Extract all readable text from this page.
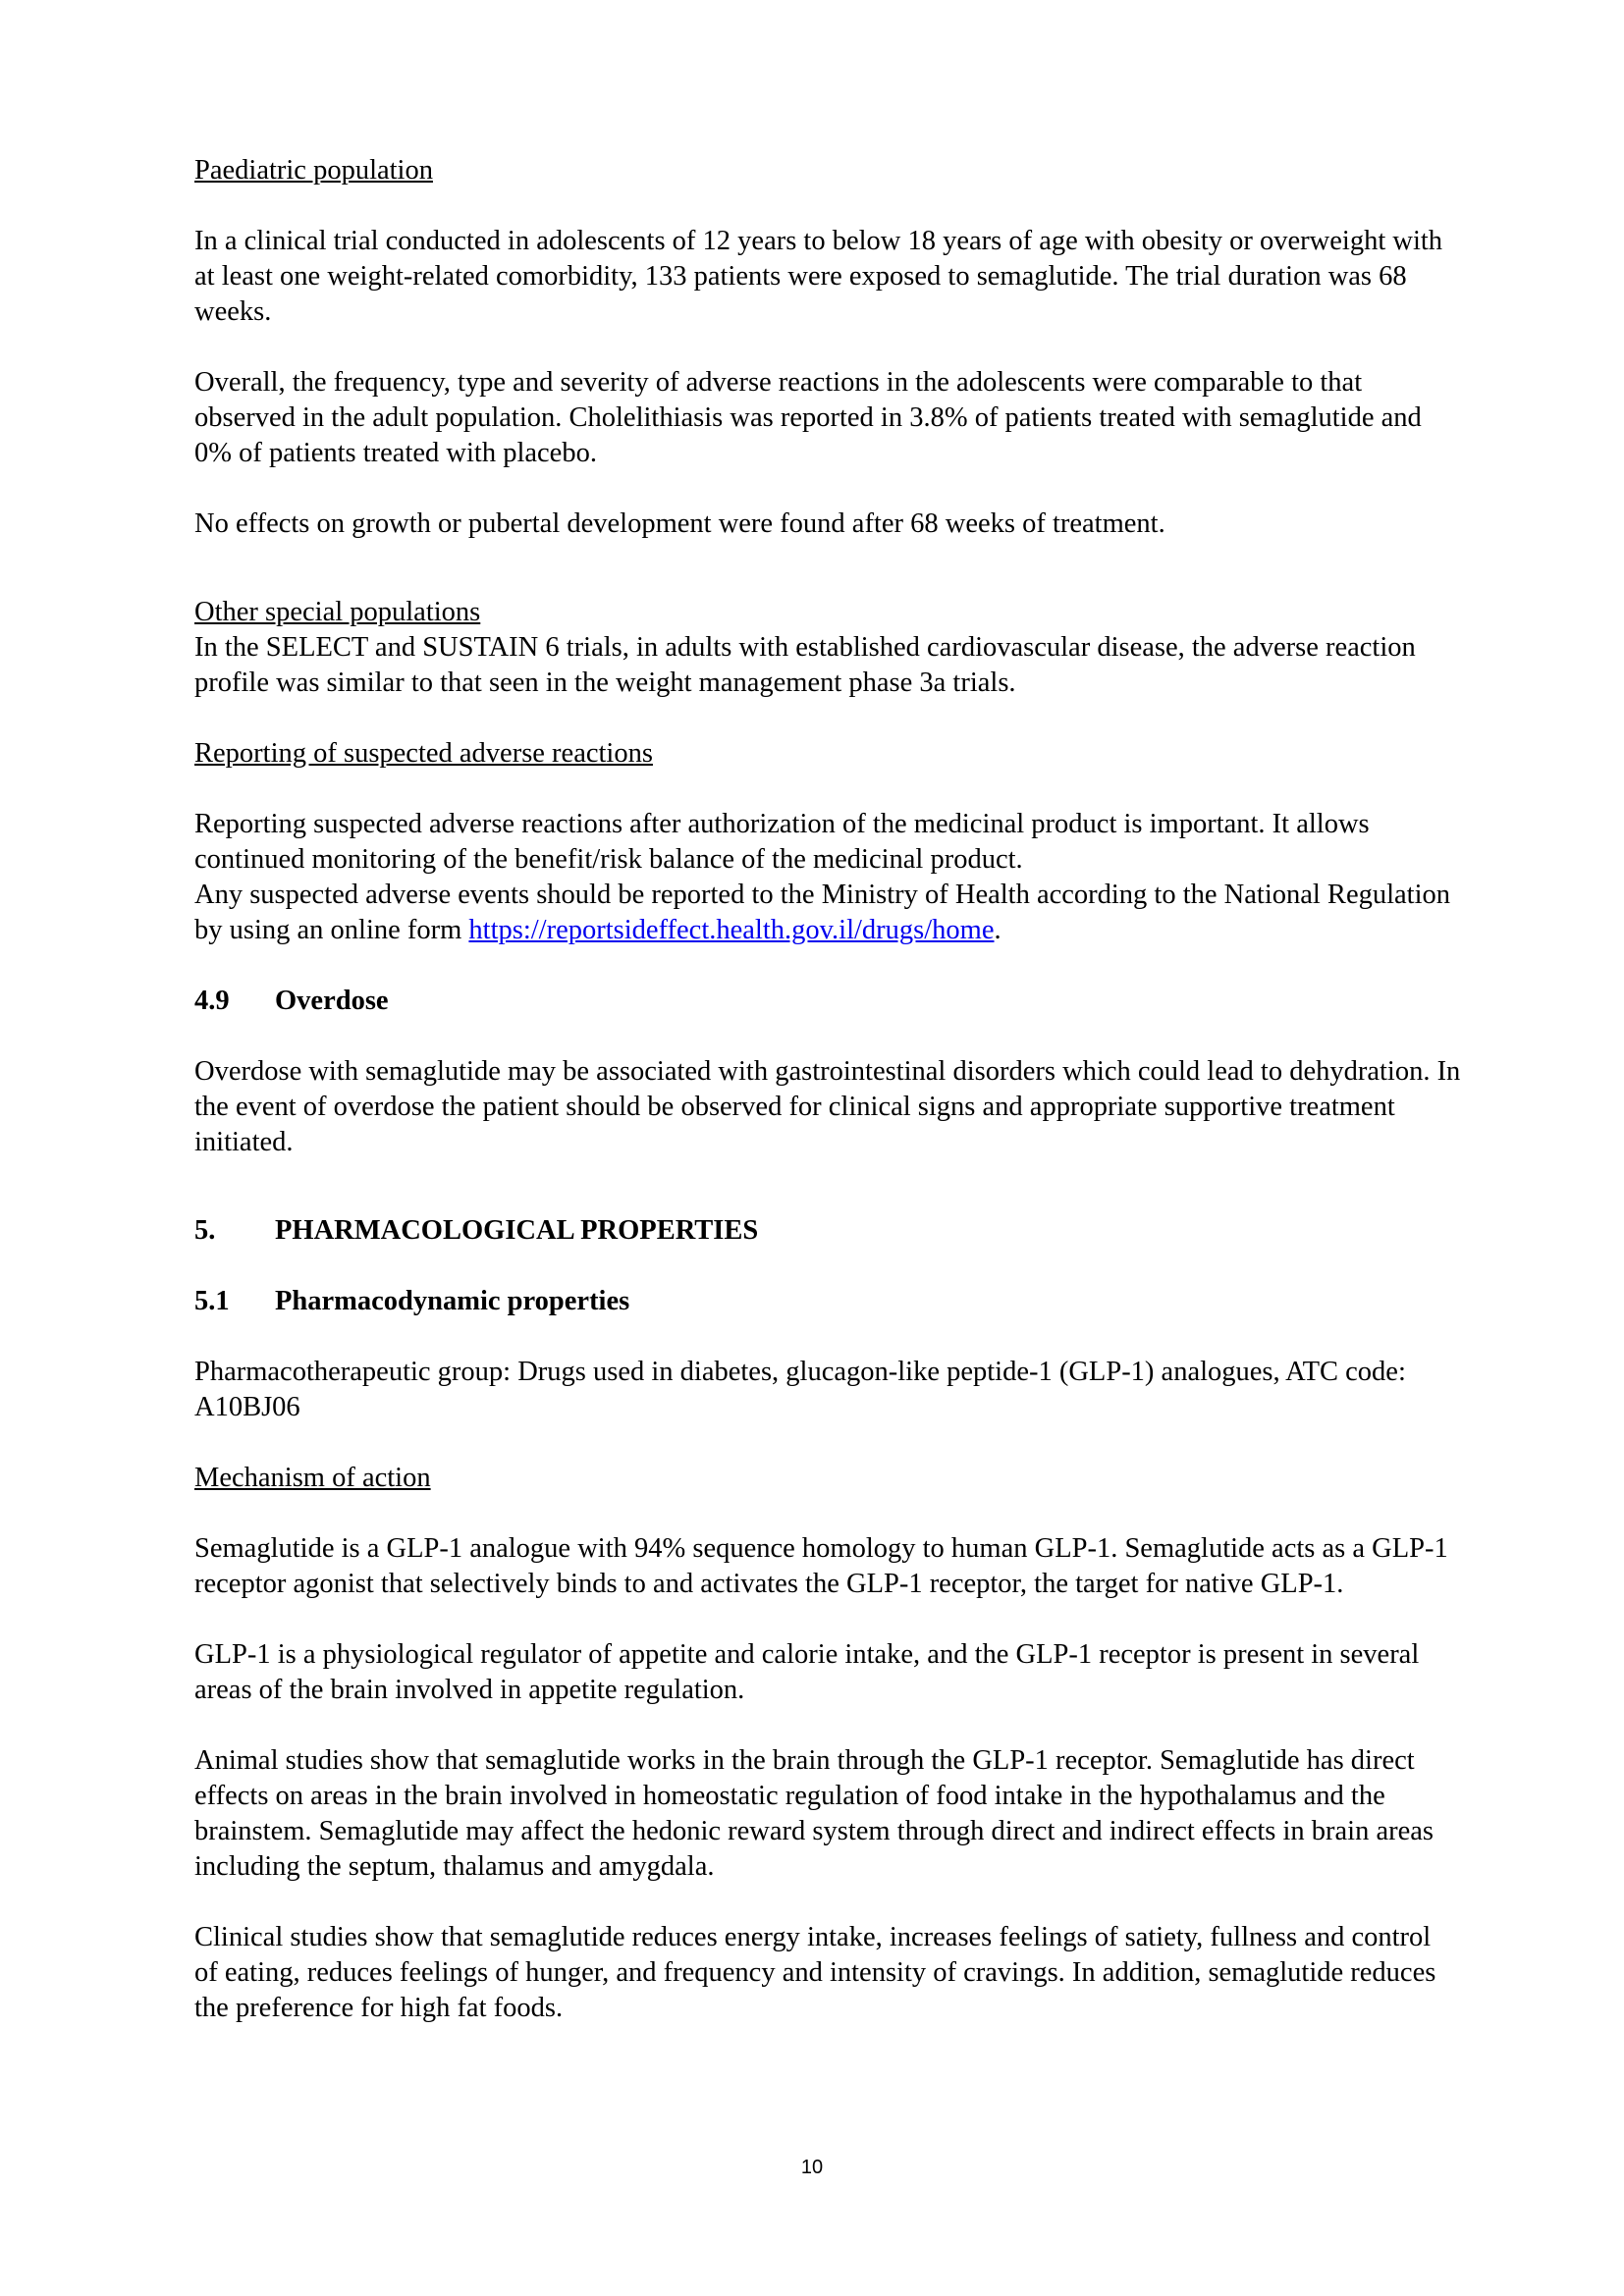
Paediatric population

In a clinical trial conducted in adolescents of 12 years to below 18 years of age with obesity or overweight with at least one weight-related comorbidity, 133 patients were exposed to semaglutide. The trial duration was 68 weeks.

Overall, the frequency, type and severity of adverse reactions in the adolescents were comparable to that observed in the adult population. Cholelithiasis was reported in 3.8% of patients treated with semaglutide and 0% of patients treated with placebo.

No effects on growth or pubertal development were found after 68 weeks of treatment.

Other special populations

In the SELECT and SUSTAIN 6 trials, in adults with established cardiovascular disease, the adverse reaction profile was similar to that seen in the weight management phase 3a trials.

Reporting of suspected adverse reactions

Reporting suspected adverse reactions after authorization of the medicinal product is important. It allows continued monitoring of the benefit/risk balance of the medicinal product.

Any suspected adverse events should be reported to the Ministry of Health according to the National Regulation by using an online form https://reportsideffect.health.gov.il/drugs/home.

4.9	Overdose

Overdose with semaglutide may be associated with gastrointestinal disorders which could lead to dehydration. In the event of overdose the patient should be observed for clinical signs and appropriate supportive treatment initiated.

5.	PHARMACOLOGICAL PROPERTIES
5.1	Pharmacodynamic properties

Pharmacotherapeutic group: Drugs used in diabetes, glucagon-like peptide-1 (GLP-1) analogues, ATC code: A10BJ06

Mechanism of action

Semaglutide is a GLP-1 analogue with 94% sequence homology to human GLP-1. Semaglutide acts as a GLP-1 receptor agonist that selectively binds to and activates the GLP-1 receptor, the target for native GLP-1.

GLP-1 is a physiological regulator of appetite and calorie intake, and the GLP-1 receptor is present in several areas of the brain involved in appetite regulation.

Animal studies show that semaglutide works in the brain through the GLP-1 receptor. Semaglutide has direct effects on areas in the brain involved in homeostatic regulation of food intake in the hypothalamus and the brainstem. Semaglutide may affect the hedonic reward system through direct and indirect effects in brain areas including the septum, thalamus and amygdala.

Clinical studies show that semaglutide reduces energy intake, increases feelings of satiety, fullness and control of eating, reduces feelings of hunger, and frequency and intensity of cravings. In addition, semaglutide reduces the preference for high fat foods.

10
